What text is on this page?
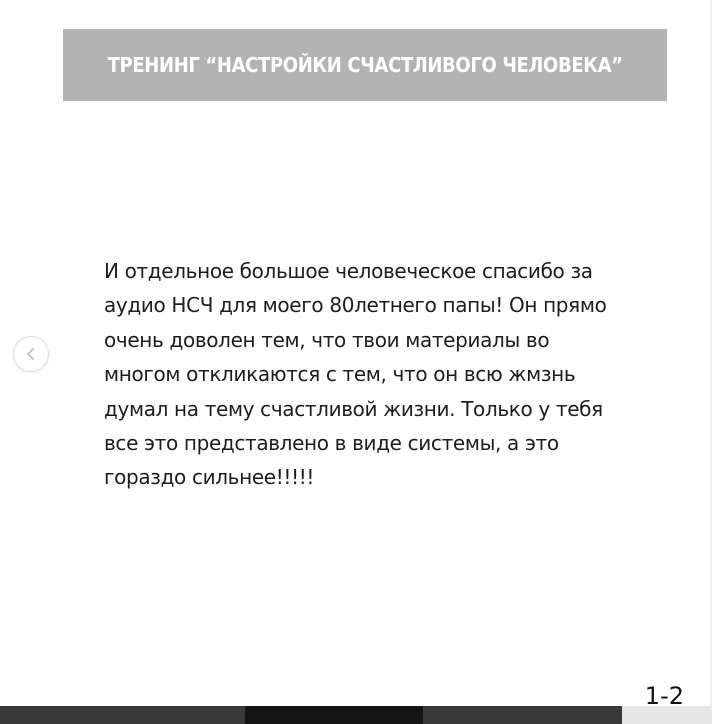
ТРЕНИНГ “НАСТРОЙКИ СЧАСТЛИВОГО ЧЕЛОВЕКА”

И отдельное большое человеческое спасибо за
аудио НСЧ для моего 80летнего папы! Он прямо
очень доволен тем, что твои материалы во
многом откликаются с тем, что он всю жмзнь
думал на тему счастливой жизни. Только у тебя
все это представлено в виде системы, а это
гораздо сильнее!!!!!

1-2
